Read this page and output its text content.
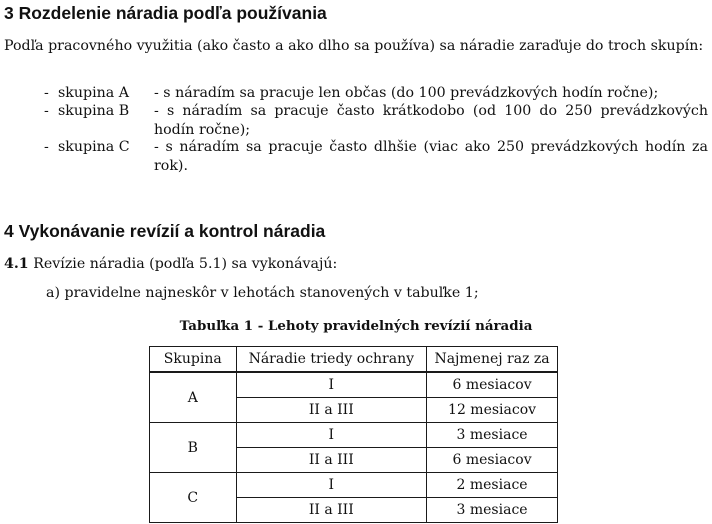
3 Rozdelenie náradia podľa používania

Podľa pracovného využitia (ako často a ako dlho sa používa) sa náradie zaraďuje do troch skupín:

- skupina A - s náradím sa pracuje len občas (do 100 prevádzkových hodín ročne);
- skupina B - s náradím sa pracuje často krátkodobo (od 100 do 250 prevádzkových hodín ročne);
- skupina C - s náradím sa pracuje často dlhšie (viac ako 250 prevádzkových hodín za rok).
4 Vykonávanie revízií a kontrol náradia

4.1 Revízie náradia (podľa 5.1) sa vykonávajú:

a) pravidelne najneskôr v lehotách stanovených v tabuľke 1;

Tabuľka 1 - Lehoty pravidelných revízií náradia

Skupina	Náradie triedy ochrany	Najmenej raz za
A	I	6 mesiacov
	II a III	12 mesiacov
B	I	3 mesiace
	II a III	6 mesiacov
C	I	2 mesiace
	II a III	3 mesiace
